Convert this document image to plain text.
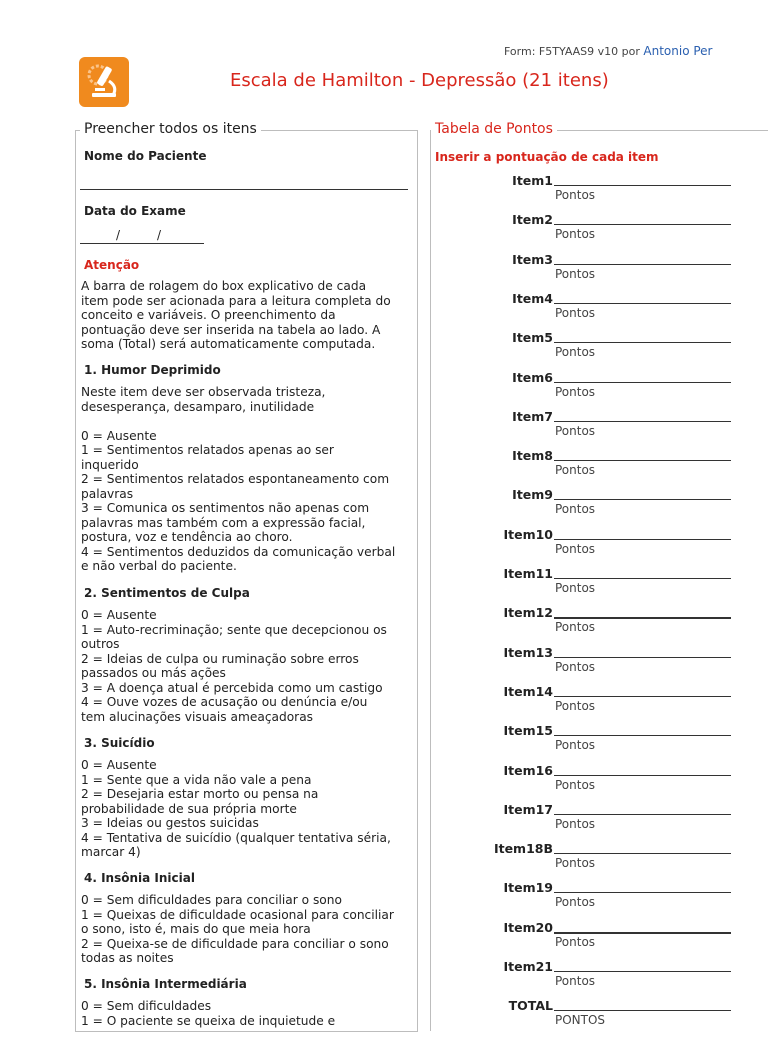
Form: F5TYAAS9 v10 por Antonio Per
Escala de Hamilton - Depressão (21 itens)
Preencher todos os itens
Nome do Paciente
Data do Exame
/	/
Atenção
A barra de rolagem do box explicativo de cada
item pode ser acionada para a leitura completa do
conceito e variáveis. O preenchimento da
pontuação deve ser inserida na tabela ao lado. A
soma (Total) será automaticamente computada.
1. Humor Deprimido
Neste item deve ser observada tristeza,
desesperança, desamparo, inutilidade

0 = Ausente
1 = Sentimentos relatados apenas ao ser
inquerido
2 = Sentimentos relatados espontaneamento com
palavras
3 = Comunica os sentimentos não apenas com
palavras mas também com a expressão facial,
postura, voz e tendência ao choro.
4 = Sentimentos deduzidos da comunicação verbal
e não verbal do paciente.
2. Sentimentos de Culpa
0 = Ausente
1 = Auto-recriminação; sente que decepcionou os
outros
2 = Ideias de culpa ou ruminação sobre erros
passados ou más ações
3 = A doença atual é percebida como um castigo
4 = Ouve vozes de acusação ou denúncia e/ou
tem alucinações visuais ameaçadoras
3. Suicídio
0 = Ausente
1 = Sente que a vida não vale a pena
2 = Desejaria estar morto ou pensa na
probabilidade de sua própria morte
3 = Ideias ou gestos suicidas
4 = Tentativa de suicídio (qualquer tentativa séria,
marcar 4)
4. Insônia Inicial
0 = Sem dificuldades para conciliar o sono
1 = Queixas de dificuldade ocasional para conciliar
o sono, isto é, mais do que meia hora
2 = Queixa-se de dificuldade para conciliar o sono
todas as noites
5. Insônia Intermediária
0 = Sem dificuldades
1 = O paciente se queixa de inquietude e
Tabela de Pontos
Inserir a pontuação de cada item
Item1
Pontos
Item2
Pontos
Item3
Pontos
Item4
Pontos
Item5
Pontos
Item6
Pontos
Item7
Pontos
Item8
Pontos
Item9
Pontos
Item10
Pontos
Item11
Pontos
Item12
Pontos
Item13
Pontos
Item14
Pontos
Item15
Pontos
Item16
Pontos
Item17
Pontos
Item18B
Pontos
Item19
Pontos
Item20
Pontos
Item21
Pontos
TOTAL
PONTOS
